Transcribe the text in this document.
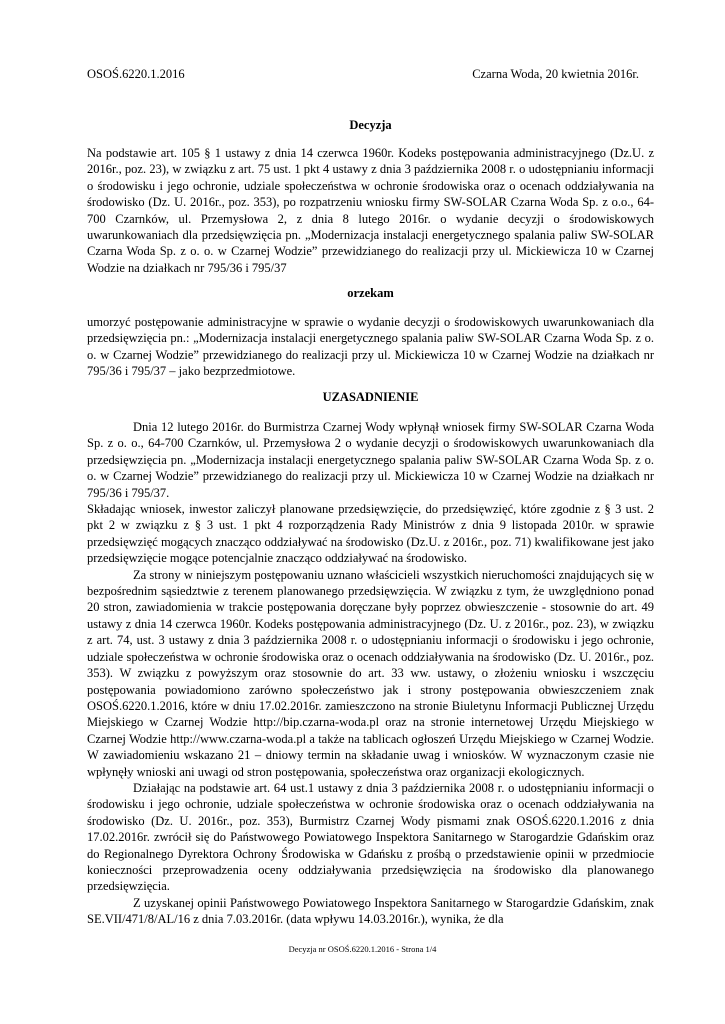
OSOŚ.6220.1.2016	Czarna Woda, 20 kwietnia 2016r.
Decyzja

Na podstawie art. 105 § 1 ustawy z dnia 14 czerwca 1960r. Kodeks postępowania administracyjnego (Dz.U. z 2016r., poz. 23), w związku z art. 75 ust. 1 pkt 4 ustawy z dnia 3 października 2008 r. o udostępnianiu informacji o środowisku i jego ochronie, udziale społeczeństwa w ochronie środowiska oraz o ocenach oddziaływania na środowisko (Dz. U. 2016r., poz. 353), po rozpatrzeniu wniosku firmy SW-SOLAR Czarna Woda Sp. z o.o., 64-700 Czarnków, ul. Przemysłowa 2, z dnia 8 lutego 2016r. o wydanie decyzji o środowiskowych uwarunkowaniach dla przedsięwzięcia pn. „Modernizacja instalacji energetycznego spalania paliw SW-SOLAR Czarna Woda Sp. z o. o. w Czarnej Wodzie” przewidzianego do realizacji przy ul. Mickiewicza 10 w Czarnej Wodzie na działkach nr 795/36 i 795/37

orzekam

umorzyć postępowanie administracyjne w sprawie o wydanie decyzji o środowiskowych uwarunkowaniach dla przedsięwzięcia pn.: „Modernizacja instalacji energetycznego spalania paliw SW-SOLAR Czarna Woda Sp. z o. o. w Czarnej Wodzie” przewidzianego do realizacji przy ul. Mickiewicza 10 w Czarnej Wodzie na działkach nr 795/36 i 795/37 – jako bezprzedmiotowe.

UZASADNIENIE

Dnia 12 lutego 2016r. do Burmistrza Czarnej Wody wpłynął wniosek firmy SW-SOLAR Czarna Woda Sp. z o. o., 64-700 Czarnków, ul. Przemysłowa 2 o wydanie decyzji o środowiskowych uwarunkowaniach dla przedsięwzięcia pn. „Modernizacja instalacji energetycznego spalania paliw SW-SOLAR Czarna Woda Sp. z o. o. w Czarnej Wodzie” przewidzianego do realizacji przy ul. Mickiewicza 10 w Czarnej Wodzie na działkach nr 795/36 i 795/37.

Składając wniosek, inwestor zaliczył planowane przedsięwzięcie, do przedsięwzięć, które zgodnie z § 3 ust. 2 pkt 2 w związku z § 3 ust. 1 pkt 4 rozporządzenia Rady Ministrów z dnia 9 listopada 2010r. w sprawie przedsięwzięć mogących znacząco oddziaływać na środowisko (Dz.U. z 2016r., poz. 71) kwalifikowane jest jako przedsięwzięcie mogące potencjalnie znacząco oddziaływać na środowisko.

Za strony w niniejszym postępowaniu uznano właścicieli wszystkich nieruchomości znajdujących się w bezpośrednim sąsiedztwie z terenem planowanego przedsięwzięcia. W związku z tym, że uwzględniono ponad 20 stron, zawiadomienia w trakcie postępowania doręczane były poprzez obwieszczenie - stosownie do art. 49 ustawy z dnia 14 czerwca 1960r. Kodeks postępowania administracyjnego (Dz. U. z 2016r., poz. 23), w związku z art. 74, ust. 3 ustawy z dnia 3 października 2008 r. o udostępnianiu informacji o środowisku i jego ochronie, udziale społeczeństwa w ochronie środowiska oraz o ocenach oddziaływania na środowisko (Dz. U. 2016r., poz. 353). W związku z powyższym oraz stosownie do art. 33 ww. ustawy, o złożeniu wniosku i wszczęciu postępowania powiadomiono zarówno społeczeństwo jak i strony postępowania obwieszczeniem znak OSOŚ.6220.1.2016, które w dniu 17.02.2016r. zamieszczono na stronie Biuletynu Informacji Publicznej Urzędu Miejskiego w Czarnej Wodzie http://bip.czarna-woda.pl oraz na stronie internetowej Urzędu Miejskiego w Czarnej Wodzie http://www.czarna-woda.pl a także na tablicach ogłoszeń Urzędu Miejskiego w Czarnej Wodzie. W zawiadomieniu wskazano 21 – dniowy termin na składanie uwag i wniosków. W wyznaczonym czasie nie wpłynęły wnioski ani uwagi od stron postępowania, społeczeństwa oraz organizacji ekologicznych.

Działając na podstawie art. 64 ust.1 ustawy z dnia 3 października 2008 r. o udostępnianiu informacji o środowisku i jego ochronie, udziale społeczeństwa w ochronie środowiska oraz o ocenach oddziaływania na środowisko (Dz. U. 2016r., poz. 353), Burmistrz Czarnej Wody pismami znak OSOŚ.6220.1.2016 z dnia 17.02.2016r. zwrócił się do Państwowego Powiatowego Inspektora Sanitarnego w Starogardzie Gdańskim oraz do Regionalnego Dyrektora Ochrony Środowiska w Gdańsku z prośbą o przedstawienie opinii w przedmiocie konieczności przeprowadzenia oceny oddziaływania przedsięwzięcia na środowisko dla planowanego przedsięwzięcia.

Z uzyskanej opinii Państwowego Powiatowego Inspektora Sanitarnego w Starogardzie Gdańskim, znak SE.VII/471/8/AL/16 z dnia 7.03.2016r. (data wpływu 14.03.2016r.), wynika, że dla

Decyzja nr OSOŚ.6220.1.2016 - Strona 1/4
